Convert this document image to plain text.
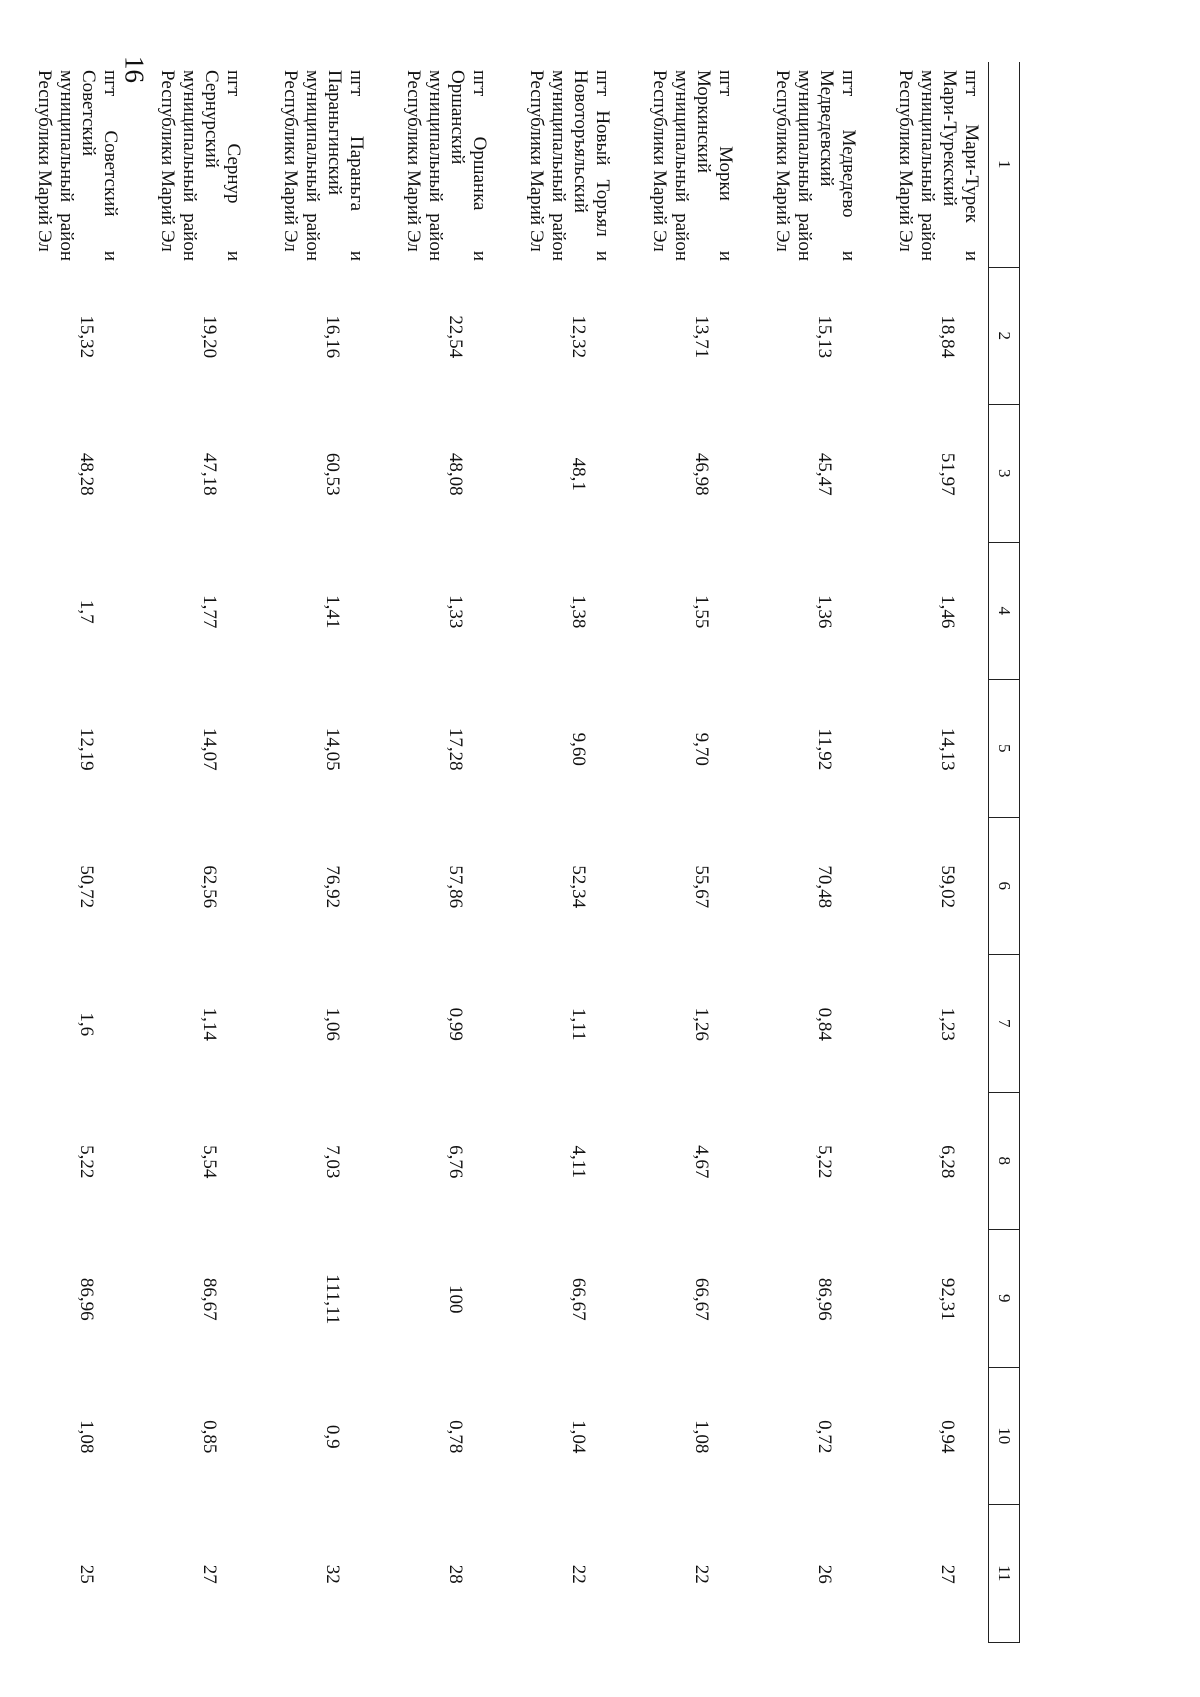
16
1	2	3	4	5	6	7	8	9	10	11
пгт Мари-Турек и Мари-Турекский муниципальный район Республики Марий Эл	18,84	51,97	1,46	14,13	59,02	1,23	6,28	92,31	0,94	27
пгт Медведево и Медведевский муниципальный район Республики Марий Эл	15,13	45,47	1,36	11,92	70,48	0,84	5,22	86,96	0,72	26
пгт Морки и Моркинский муниципальный район Республики Марий Эл	13,71	46,98	1,55	9,70	55,67	1,26	4,67	66,67	1,08	22
пгт Новый Торъял и Новоторъяльский муниципальный район Республики Марий Эл	12,32	48,1	1,38	9,60	52,34	1,11	4,11	66,67	1,04	22
пгт Оршанка и Оршанский муниципальный район Республики Марий Эл	22,54	48,08	1,33	17,28	57,86	0,99	6,76	100	0,78	28
пгт Параньга и Параньгинский муниципальный район Республики Марий Эл	16,16	60,53	1,41	14,05	76,92	1,06	7,03	111,11	0,9	32
пгт Сернур и Сернурский муниципальный район Республики Марий Эл	19,20	47,18	1,77	14,07	62,56	1,14	5,54	86,67	0,85	27
пгт Советский и Советский муниципальный район Республики Марий Эл	15,32	48,28	1,7	12,19	50,72	1,6	5,22	86,96	1,08	25
